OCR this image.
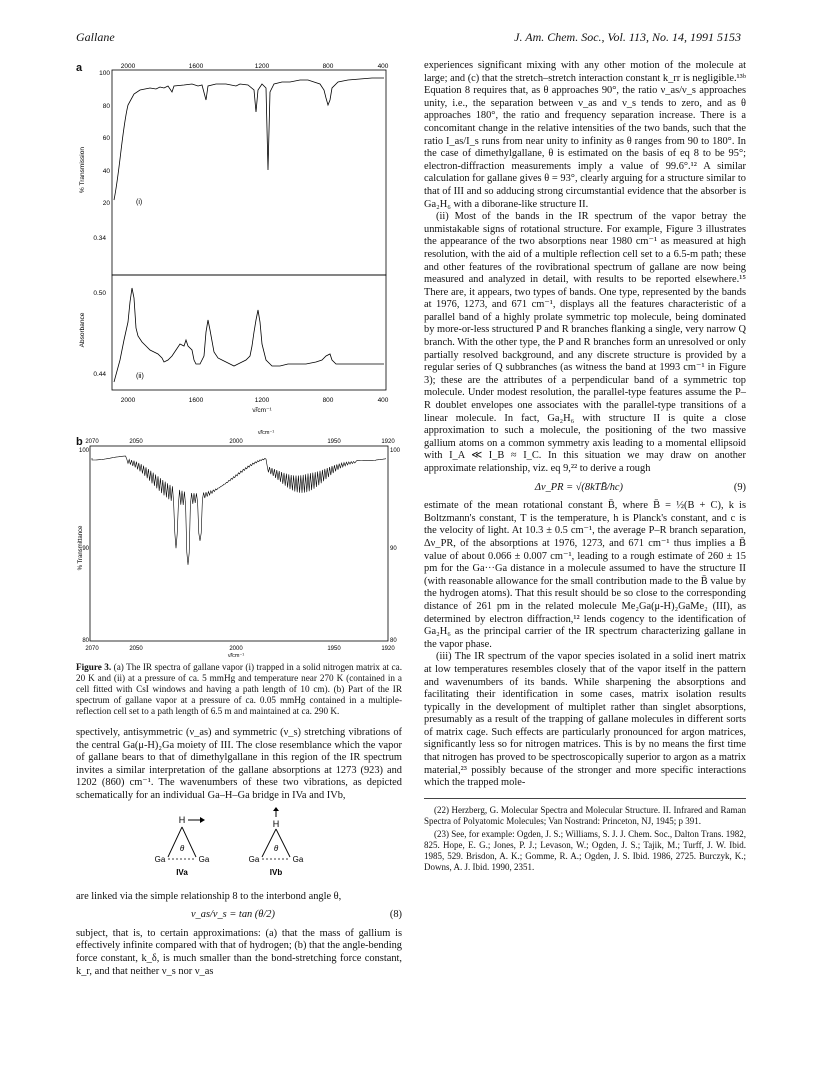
Gallane	J. Am. Chem. Soc., Vol. 113, No. 14, 1991 5153
a	2000	1600	1200	800	400
100
80
60
40
20
0.34
0.50
0.44
% Transmission
Absorbance
(i)
(ii)
2000	1600	1200	800	400
ν̃/cm⁻¹
b
ν̃/cm⁻¹
2070	2050	2000	1950	1920
100
90
80
100
90
80
% Transmittance
2070	2050	2000	1950	1920
ν̃/cm⁻¹
Figure 3. (a) The IR spectra of gallane vapor (i) trapped in a solid nitrogen matrix at ca. 20 K and (ii) at a pressure of ca. 5 mmHg and temperature near 270 K (contained in a cell fitted with CsI windows and having a path length of 10 cm). (b) Part of the IR spectrum of gallane vapor at a pressure of ca. 0.05 mmHg contained in a multiple-reflection cell set to a path length of 6.5 m and maintained at ca. 290 K.

spectively, antisymmetric (ν_as) and symmetric (ν_s) stretching vibrations of the central Ga(μ-H)₂Ga moiety of III. The close resemblance which the vapor of gallane bears to that of dimethylgallane in this region of the IR spectrum invites a similar interpretation of the gallane absorptions at 1273 (923) and 1202 (860) cm⁻¹. The wavenumbers of these two vibrations, as depicted schematically for an individual Ga–H–Ga bridge in IVa and IVb,

H
θ
Ga	Ga
IVa
H
θ
Ga	Ga
IVb

are linked via the simple relationship 8 to the interbond angle θ,

ν_as/ν_s = tan (θ/2)	(8)

subject, that is, to certain approximations: (a) that the mass of gallium is effectively infinite compared with that of hydrogen; (b) that the angle-bending force constant, k_δ, is much smaller than the bond-stretching force constant, k_r, and that neither ν_s nor ν_as

experiences significant mixing with any other motion of the molecule at large; and (c) that the stretch–stretch interaction constant k_rr is negligible.¹³ᵇ Equation 8 requires that, as θ approaches 90°, the ratio ν_as/ν_s approaches unity, i.e., the separation between ν_as and ν_s tends to zero, and as θ approaches 180°, the ratio and frequency separation increase. There is a concomitant change in the relative intensities of the two bands, such that the ratio I_as/I_s runs from near unity to infinity as θ ranges from 90 to 180°. In the case of dimethylgallane, θ is estimated on the basis of eq 8 to be 95°; electron-diffraction measurements imply a value of 99.6°.¹² A similar calculation for gallane gives θ = 93°, clearly arguing for a structure similar to that of III and so adducing strong circumstantial evidence that the absorber is Ga₂H₆ with a diborane-like structure II.

(ii) Most of the bands in the IR spectrum of the vapor betray the unmistakable signs of rotational structure. For example, Figure 3 illustrates the appearance of the two absorptions near 1980 cm⁻¹ as measured at high resolution, with the aid of a multiple reflection cell set to a 6.5-m path; these and other features of the rovibrational spectrum of gallane are now being measured and analyzed in detail, with results to be reported elsewhere.¹⁵ There are, it appears, two types of bands. One type, represented by the bands at 1976, 1273, and 671 cm⁻¹, displays all the features characteristic of a parallel band of a highly prolate symmetric top molecule, being dominated by more-or-less structured P and R branches flanking a single, very narrow Q branch. With the other type, the P and R branches form an unresolved or only partially resolved background, and any discrete structure is provided by a regular series of Q subbranches (as witness the band at 1993 cm⁻¹ in Figure 3); these are the attributes of a perpendicular band of a symmetric top molecule. Under modest resolution, the parallel-type features assume the P–R doublet envelopes one associates with the parallel-type transitions of a linear molecule. In fact, Ga₂H₆ with structure II is quite a close approximation to such a molecule, the positioning of the two massive gallium atoms on a common symmetry axis leading to a momental ellipsoid with I_A ≪ I_B ≈ I_C. In this situation we may draw on another approximate relationship, viz. eq 9,²² to derive a rough

Δν_PR = √(8kTB̄/hc)	(9)

estimate of the mean rotational constant B̄, where B̄ = ½(B + C), k is Boltzmann's constant, T is the temperature, h is Planck's constant, and c is the velocity of light. At 10.3 ± 0.5 cm⁻¹, the average P–R branch separation, Δν_PR, of the absorptions at 1976, 1273, and 671 cm⁻¹ thus implies a B̄ value of about 0.066 ± 0.007 cm⁻¹, leading to a rough estimate of 260 ± 15 pm for the Ga···Ga distance in a molecule assumed to have the structure II (with reasonable allowance for the small contribution made to the B̄ value by the hydrogen atoms). That this result should be so close to the corresponding distance of 261 pm in the related molecule Me₂Ga(μ-H)₂GaMe₂ (III), as determined by electron diffraction,¹² lends cogency to the identification of Ga₂H₆ as the principal carrier of the IR spectrum characterizing gallane in the vapor phase.

(iii) The IR spectrum of the vapor species isolated in a solid inert matrix at low temperatures resembles closely that of the vapor itself in the pattern and wavenumbers of its bands. While sharpening the absorptions and facilitating their identification in some cases, matrix isolation results typically in the development of multiplet rather than singlet absorptions, presumably as a result of the trapping of gallane molecules in different sorts of matrix cage. Such effects are particularly pronounced for argon matrices, significantly less so for nitrogen matrices. This is by no means the first time that nitrogen has proved to be spectroscopically superior to argon as a matrix material,²³ possibly because of the stronger and more specific interactions which the trapped mole-

(22) Herzberg, G. Molecular Spectra and Molecular Structure. II. Infrared and Raman Spectra of Polyatomic Molecules; Van Nostrand: Princeton, NJ, 1945; p 391.

(23) See, for example: Ogden, J. S.; Williams, S. J. J. Chem. Soc., Dalton Trans. 1982, 825. Hope, E. G.; Jones, P. J.; Levason, W.; Ogden, J. S.; Tajik, M.; Turff, J. W. Ibid. 1985, 529. Brisdon, A. K.; Gomme, R. A.; Ogden, J. S. Ibid. 1986, 2725. Burczyk, K.; Downs, A. J. Ibid. 1990, 2351.
